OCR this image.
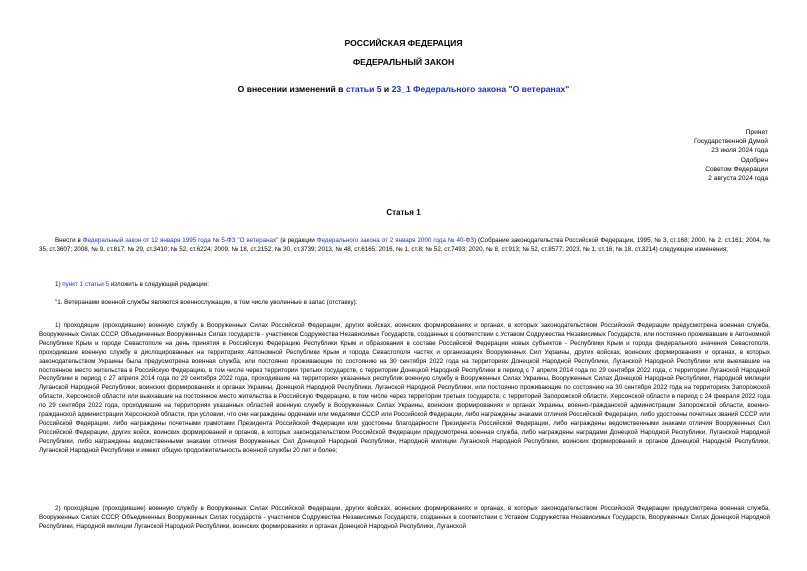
РОССИЙСКАЯ ФЕДЕРАЦИЯ
ФЕДЕРАЛЬНЫЙ ЗАКОН
О внесении изменений в статьи 5 и 23_1 Федерального закона "О ветеранах"
Принят
Государственной Думой
23 июля 2024 года
Одобрен
Советом Федерации
2 августа 2024 года
Статья 1
Внести в Федеральный закон от 12 января 1995 года № 5-ФЗ "О ветеранах" (в редакции Федерального закона от 2 января 2000 года № 40-ФЗ) (Собрание законодательства Российской Федерации, 1995, № 3, ст.168; 2000, № 2, ст.161; 2004, № 35, ст.3607; 2008, № 9, ст.817; № 29, ст.3410; № 52, ст.6224; 2009, № 18, ст.2152; № 30, ст.3739; 2013, № 48, ст.6165; 2016, № 1, ст.8; № 52, ст.7493; 2020, № 8, ст.913; № 52, ст.8577; 2023, № 1, ст.16; № 18, ст.3214) следующие изменения:
1) пункт 1 статьи 5 изложить в следующей редакции:
"1. Ветеранами военной службы являются военнослужащие, в том числе уволенные в запас (отставку):
1) проходящие (проходившие) военную службу в Вооруженных Силах Российской Федерации, других войсках, воинских формированиях и органах, в которых законодательством Российской Федерации предусмотрена военная служба, Вооруженных Силах СССР, Объединенных Вооруженных Силах государств - участников Содружества Независимых Государств, созданных в соответствии с Уставом Содружества Независимых Государств, или постоянно проживавшие в Автономной Республике Крым и городе Севастополе на день принятия в Российскую Федерацию Республики Крым и образования в составе Российской Федерации новых субъектов - Республики Крым и города федерального значения Севастополя, проходившие военную службу в дислоцированных на территориях Автономной Республики Крым и города Севастополя частях и организациях Вооруженных Сил Украины, других войсках, воинских формированиях и органах, в которых законодательством Украины была предусмотрена военная служба, или постоянно проживающие по состоянию на 30 сентября 2022 года на территориях Донецкой Народной Республики, Луганской Народной Республики или выехавшие на постоянное место жительства в Российскую Федерацию, в том числе через территории третьих государств, с территории Донецкой Народной Республики в период с 7 апреля 2014 года по 29 сентября 2022 года, с территории Луганской Народной Республики в период с 27 апреля 2014 года по 29 сентября 2022 года, проходившие на территориях указанных республик военную службу в Вооруженных Силах Украины, Вооруженных Силах Донецкой Народной Республики, Народной милиции Луганской Народной Республики, воинских формированиях и органах Украины, Донецкой Народной Республики, Луганской Народной Республики, или постоянно проживающие по состоянию на 30 сентября 2022 года на территориях Запорожской области, Херсонской области или выехавшие на постоянное место жительства в Российскую Федерацию, в том числе через территории третьих государств, с территорий Запорожской области, Херсонской области в период с 24 февраля 2022 года по 29 сентября 2022 года, проходившие на территориях указанных областей военную службу в Вооруженных Силах Украины, воинских формированиях и органах Украины, военно-гражданской администрации Запорожской области, военно-гражданской администрации Херсонской области, при условии, что они награждены орденами или медалями СССР или Российской Федерации, либо награждены знаками отличия Российской Федерации, либо удостоены почетных званий СССР или Российской Федерации, либо награждены почетными грамотами Президента Российской Федерации или удостоены благодарности Президента Российской Федерации, либо награждены ведомственными знаками отличия Вооруженных Сил Российской Федерации, других войск, воинских формирований и органов, в которых законодательством Российской Федерации предусмотрена военная служба, либо награждены наградами Донецкой Народной Республики, Луганской Народной Республики, либо награждены ведомственными знаками отличия Вооруженных Сил Донецкой Народной Республики, Народной милиции Луганской Народной Республики, воинских формирований и органов Донецкой Народной Республики, Луганской Народной Республики и имеют общую продолжительность военной службы 20 лет и более;
2) проходящие (проходившие) военную службу в Вооруженных Силах Российской Федерации, других войсках, воинских формированиях и органах, в которых законодательством Российской Федерации предусмотрена военная служба, Вооруженных Силах СССР, Объединенных Вооруженных Силах государств - участников Содружества Независимых Государств, созданных в соответствии с Уставом Содружества Независимых Государств, Вооруженных Силах Донецкой Народной Республики, Народной милиции Луганской Народной Республики, воинских формированиях и органах Донецкой Народной Республики, Луганской
